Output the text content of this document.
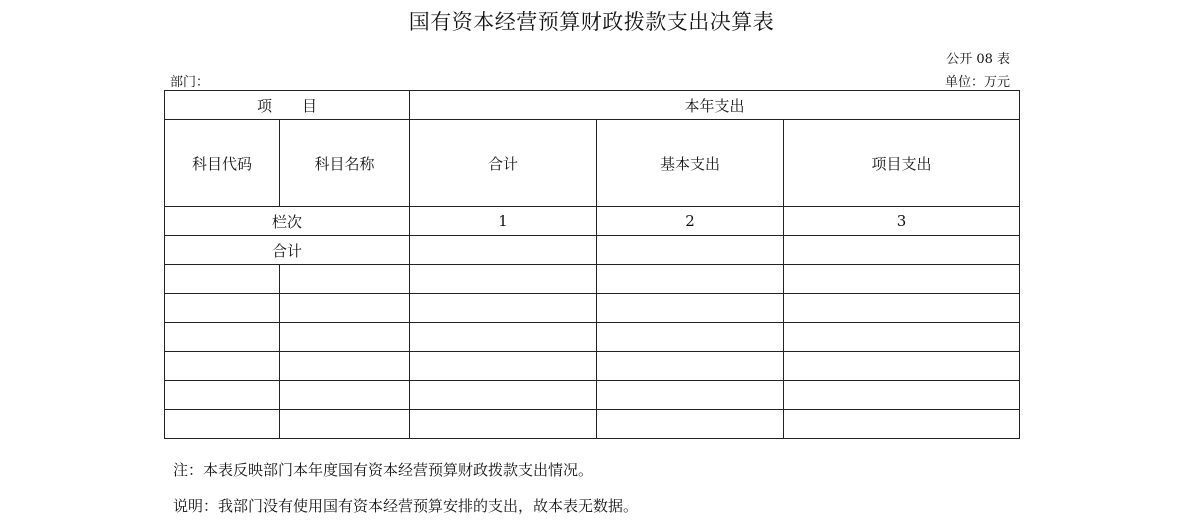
国有资本经营预算财政拨款支出决算表
公开 08 表
部门：	单位：万元
项　　目		本年支出		
科目代码	科目名称	合计	基本支出	项目支出
栏次		1	2	3
合计				

注：本表反映部门本年度国有资本经营预算财政拨款支出情况。
说明：我部门没有使用国有资本经营预算安排的支出，故本表无数据。
